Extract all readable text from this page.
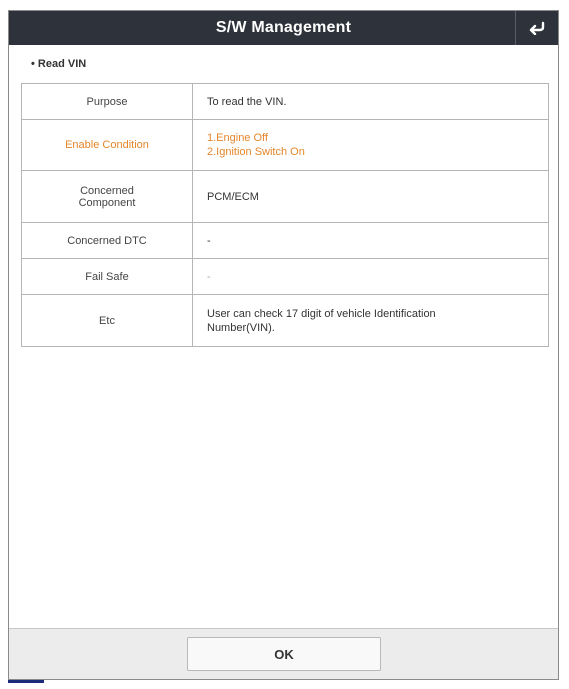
S/W Management
• Read VIN
Purpose	To read the VIN.
Enable Condition	1.Engine Off
2.Ignition Switch On

Concerned
Component	PCM/ECM
Concerned DTC	-
Fail Safe	-
Etc	User can check 17 digit of vehicle Identification
Number(VIN).
OK
